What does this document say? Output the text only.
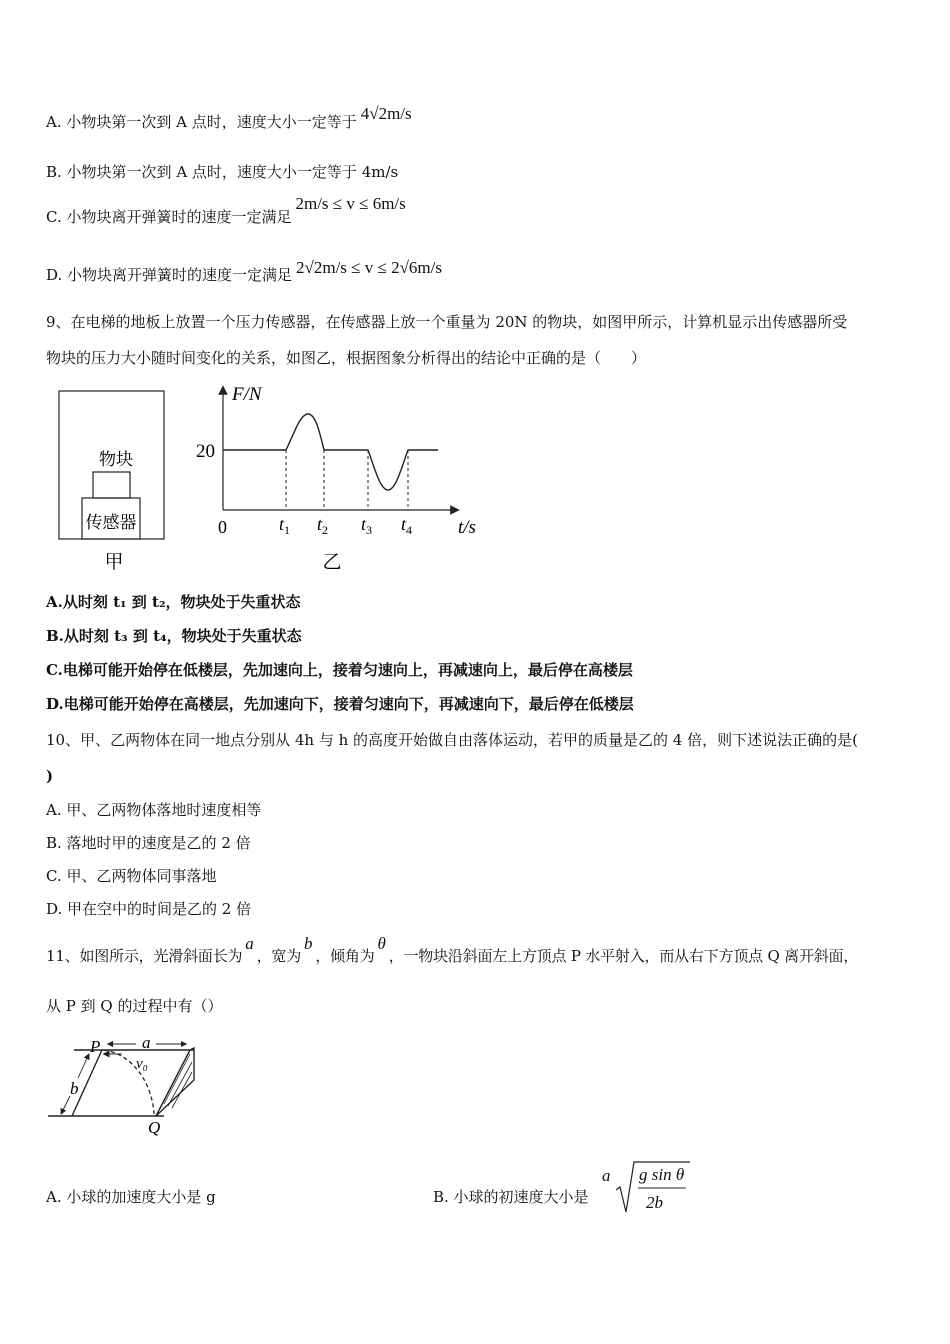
A. 小物块第一次到 A 点时，速度大小一定等于 4√2m/s
B. 小物块第一次到 A 点时，速度大小一定等于 4m/s
C. 小物块离开弹簧时的速度一定满足2m/s ≤ v ≤ 6m/s
D. 小物块离开弹簧时的速度一定满足 2√2m/s ≤ v ≤ 2√6m/s
9、在电梯的地板上放置一个压力传感器，在传感器上放一个重量为 20N 的物块，如图甲所示，计算机显示出传感器所受
物块的压力大小随时间变化的关系，如图乙，根据图象分析得出的结论中正确的是（　　）
物块
传感器
甲
F/N
20
0	$t_1$ $t_2$ $t_3$ $t_4$ t/s
乙
A.从时刻 t₁ 到 t₂，物块处于失重状态
B.从时刻 t₃ 到 t₄，物块处于失重状态
C.电梯可能开始停在低楼层，先加速向上，接着匀速向上，再减速向上，最后停在高楼层
D.电梯可能开始停在高楼层，先加速向下，接着匀速向下，再减速向下，最后停在低楼层
10、甲、乙两物体在同一地点分别从 4h 与 h 的高度开始做自由落体运动，若甲的质量是乙的 4 倍，则下述说法正确的是(
)
A. 甲、乙两物体落地时速度相等
B. 落地时甲的速度是乙的 2 倍
C. 甲、乙两物体同事落地
D. 甲在空中的时间是乙的 2 倍
11、如图所示，光滑斜面长为a，宽为b，倾角为θ，一物块沿斜面左上方顶点 P 水平射入，而从右下方顶点 Q 离开斜面，
从 P 到 Q 的过程中有（）
P a
v₀
b
Q
A. 小球的加速度大小是 g	B. 小球的初速度大小是
a g sin θ
2b
